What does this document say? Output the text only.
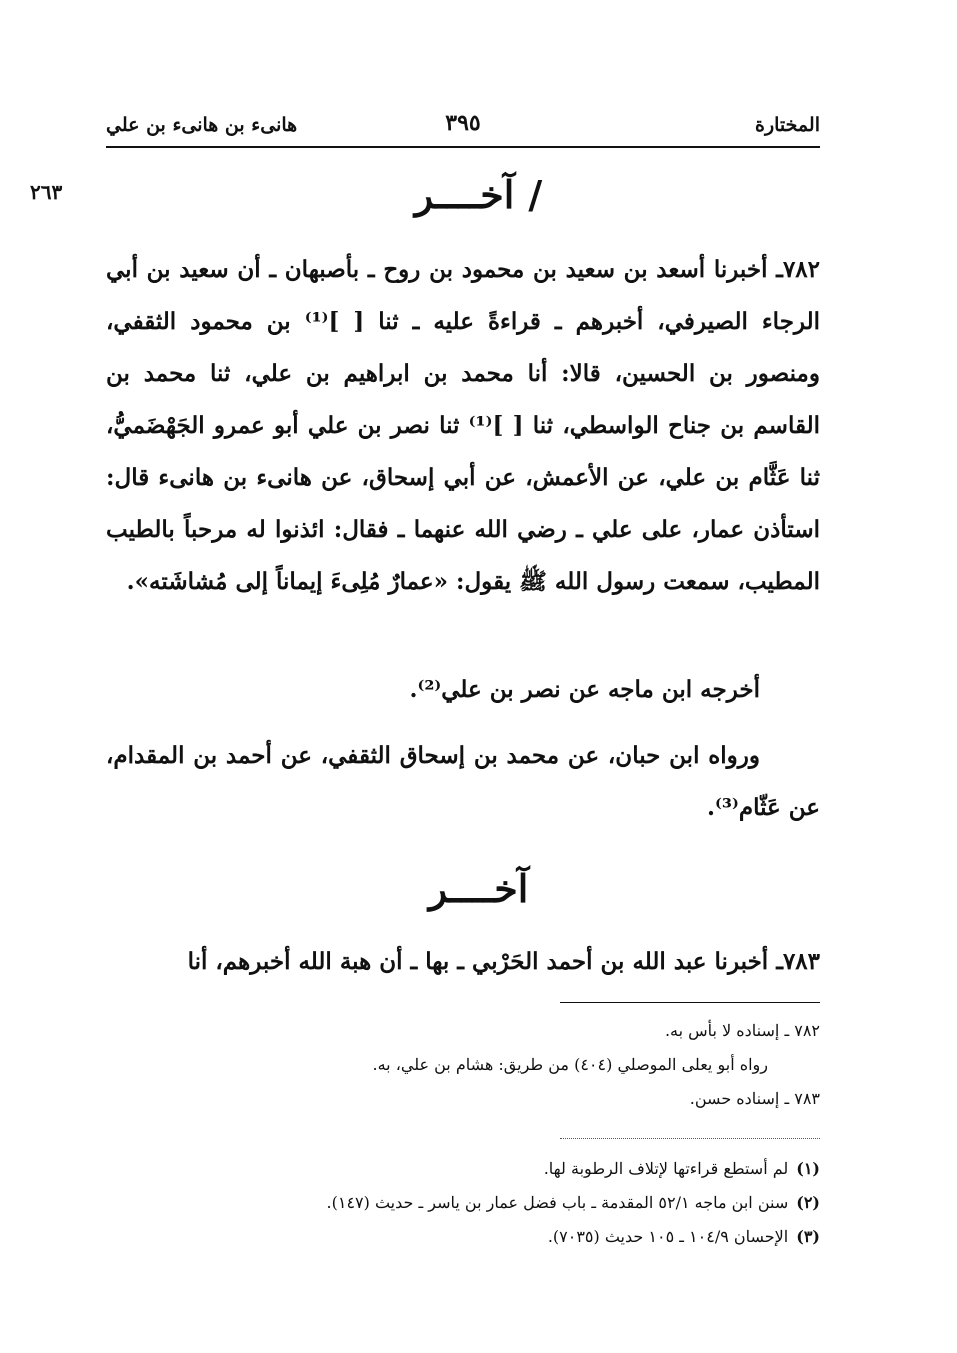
المختارة
٣٩٥
هانىء بن هانىء بن علي
٢٦٣	/آخــــر

٧٨٢ـ أخبرنا أسعد بن سعيد بن محمود بن روح ـ بأصبهان ـ أن سعيد بن أبي الرجاء الصيرفي، أخبرهم ـ قراءةً عليه ـ ثنا [ ]⁽¹⁾ بن محمود الثقفي، ومنصور بن الحسين، قالا: أنا محمد بن ابراهيم بن علي، ثنا محمد بن القاسم بن جناح الواسطي، ثنا [ ]⁽¹⁾ ثنا نصر بن علي أبو عمرو الجَهْضَميُّ، ثنا عَثَّام بن علي، عن الأعمش، عن أبي إسحاق، عن هانىء بن هانىء قال: استأذن عمار، على علي ـ رضي الله عنهما ـ فقال: ائذنوا له مرحباً بالطيب المطيب، سمعت رسول الله ﷺ يقول: «عمارٌ مُلِىءَ إيماناً إلى مُشاشَته».

أخرجه ابن ماجه عن نصر بن علي⁽²⁾.

ورواه ابن حبان، عن محمد بن إسحاق الثقفي، عن أحمد بن المقدام، عن عَثّام⁽³⁾.

آخــــر

٧٨٣ـ أخبرنا عبد الله بن أحمد الحَرْبي ـ بها ـ أن هبة الله أخبرهم، أنا

٧٨٢ ـ إسناده لا بأس به.
رواه أبو يعلى الموصلي (٤٠٤) من طريق: هشام بن علي، به.
٧٨٣ ـ إسناده حسن.
(١)لم أستطع قراءتها لإتلاف الرطوبة لها.
(٢)سنن ابن ماجه ٥٢/١ المقدمة ـ باب فضل عمار بن ياسر ـ حديث (١٤٧).
(٣)الإحسان ١٠٤/٩ ـ ١٠٥ حديث (٧٠٣٥).
